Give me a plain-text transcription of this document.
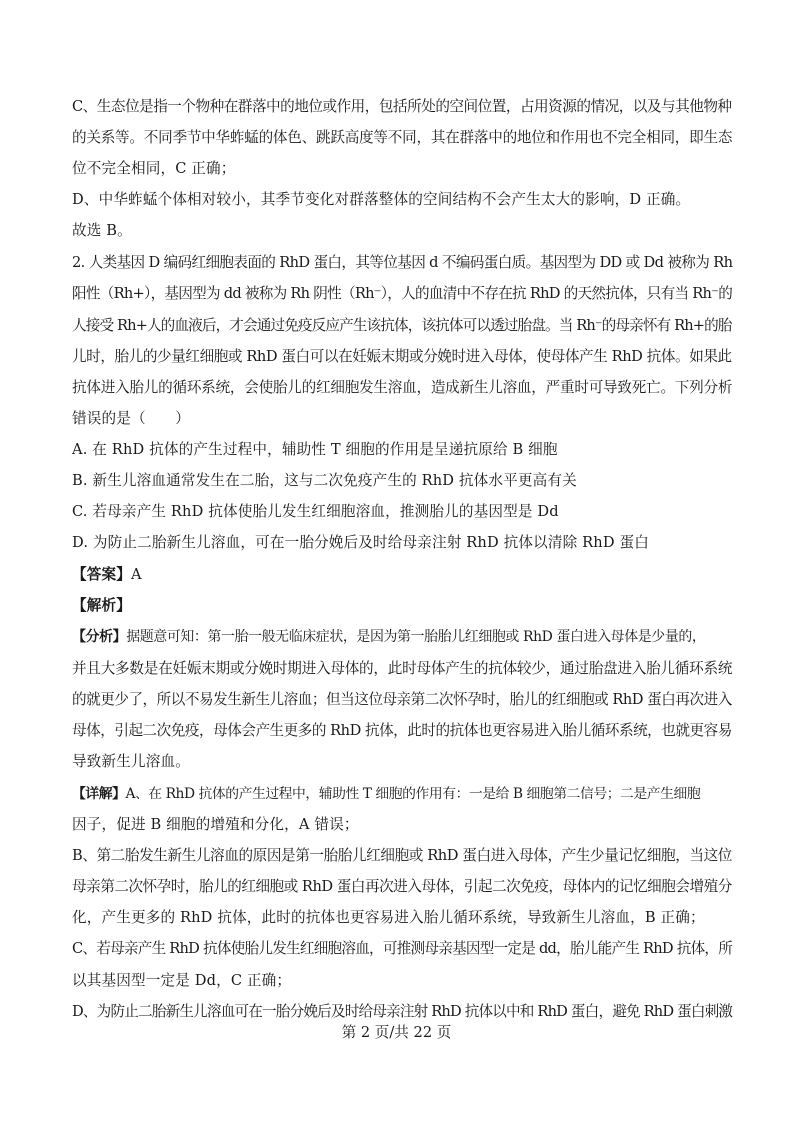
C、生态位是指一个物种在群落中的地位或作用，包括所处的空间位置，占用资源的情况，以及与其他物种
的关系等。不同季节中华蚱蜢的体色、跳跃高度等不同，其在群落中的地位和作用也不完全相同，即生态
位不完全相同，C 正确；
D、中华蚱蜢个体相对较小，其季节变化对群落整体的空间结构不会产生太大的影响，D 正确。
故选 B。
2. 人类基因 D 编码红细胞表面的 RhD 蛋白，其等位基因 d 不编码蛋白质。基因型为 DD 或 Dd 被称为 Rh
阳性（Rh+），基因型为 dd 被称为 Rh 阴性（Rh⁻），人的血清中不存在抗 RhD 的天然抗体，只有当 Rh⁻的
人接受 Rh+人的血液后，才会通过免疫反应产生该抗体，该抗体可以透过胎盘。当 Rh⁻的母亲怀有 Rh+的胎
儿时，胎儿的少量红细胞或 RhD 蛋白可以在妊娠末期或分娩时进入母体，使母体产生 RhD 抗体。如果此
抗体进入胎儿的循环系统，会使胎儿的红细胞发生溶血，造成新生儿溶血，严重时可导致死亡。下列分析
错误的是（　　）
A. 在 RhD 抗体的产生过程中，辅助性 T 细胞的作用是呈递抗原给 B 细胞
B. 新生儿溶血通常发生在二胎，这与二次免疫产生的 RhD 抗体水平更高有关
C. 若母亲产生 RhD 抗体使胎儿发生红细胞溶血，推测胎儿的基因型是 Dd
D. 为防止二胎新生儿溶血，可在一胎分娩后及时给母亲注射 RhD 抗体以清除 RhD 蛋白
【答案】A
【解析】
【分析】据题意可知：第一胎一般无临床症状，是因为第一胎胎儿红细胞或 RhD 蛋白进入母体是少量的，
并且大多数是在妊娠末期或分娩时期进入母体的，此时母体产生的抗体较少，通过胎盘进入胎儿循环系统
的就更少了，所以不易发生新生儿溶血；但当这位母亲第二次怀孕时，胎儿的红细胞或 RhD 蛋白再次进入
母体，引起二次免疫，母体会产生更多的 RhD 抗体，此时的抗体也更容易进入胎儿循环系统，也就更容易
导致新生儿溶血。
【详解】A、在 RhD 抗体的产生过程中，辅助性 T 细胞的作用有：一是给 B 细胞第二信号；二是产生细胞
因子，促进 B 细胞的增殖和分化，A 错误；
B、第二胎发生新生儿溶血的原因是第一胎胎儿红细胞或 RhD 蛋白进入母体，产生少量记忆细胞，当这位
母亲第二次怀孕时，胎儿的红细胞或 RhD 蛋白再次进入母体，引起二次免疫，母体内的记忆细胞会增殖分
化，产生更多的 RhD 抗体，此时的抗体也更容易进入胎儿循环系统，导致新生儿溶血，B 正确；
C、若母亲产生 RhD 抗体使胎儿发生红细胞溶血，可推测母亲基因型一定是 dd，胎儿能产生 RhD 抗体，所
以其基因型一定是 Dd，C 正确；
D、为防止二胎新生儿溶血可在一胎分娩后及时给母亲注射 RhD 抗体以中和 RhD 蛋白，避免 RhD 蛋白刺激
第 2 页/共 22 页
